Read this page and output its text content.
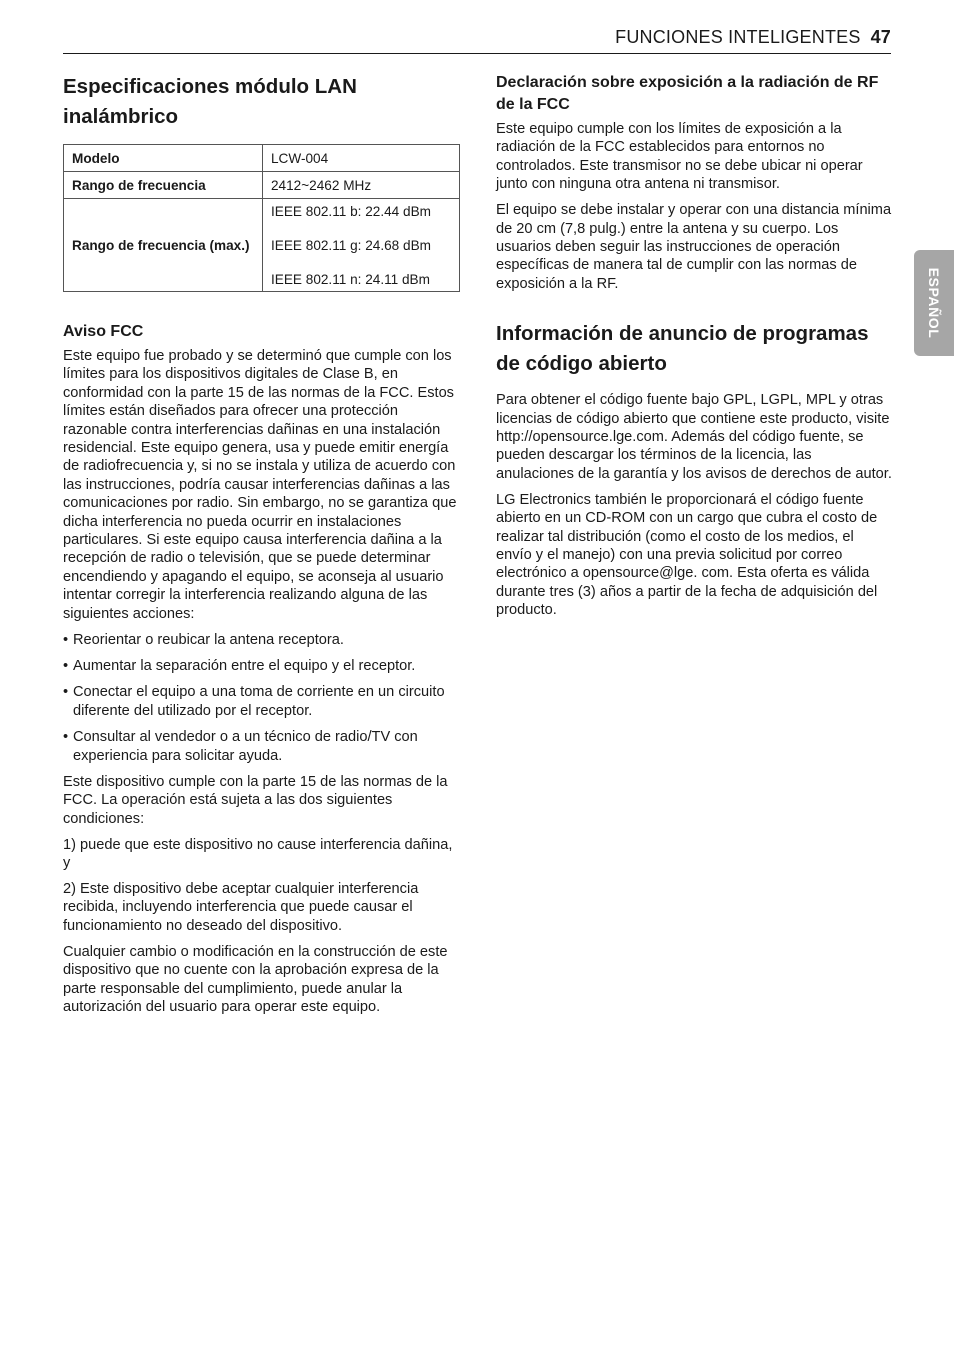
FUNCIONES INTELIGENTES 47
ESPAÑOL
Especificaciones módulo LAN inalámbrico
Modelo	LCW-004
Rango de frecuencia	2412~2462 MHz
Rango de frecuencia (max.)	IEEE 802.11 b: 22.44 dBm
IEEE 802.11 g: 24.68 dBm
IEEE 802.11 n: 24.11 dBm
Aviso FCC

Este equipo fue probado y se determinó que cumple con los límites para los dispositivos digitales de Clase B, en conformidad con la parte 15 de las normas de la FCC. Estos límites están diseñados para ofrecer una protección razonable contra interferencias dañinas en una instalación residencial. Este equipo genera, usa y puede emitir energía de radiofrecuencia y, si no se instala y utiliza de acuerdo con las instrucciones, podría causar interferencias dañinas a las comunicaciones por radio. Sin embargo, no se garantiza que dicha interferencia no pueda ocurrir en instalaciones particulares. Si este equipo causa interferencia dañina a la recepción de radio o televisión, que se puede determinar encendiendo y apagando el equipo, se aconseja al usuario intentar corregir la interferencia realizando alguna de las siguientes acciones:

• Reorientar o reubicar la antena receptora.
• Aumentar la separación entre el equipo y el receptor.
• Conectar el equipo a una toma de corriente en un circuito diferente del utilizado por el receptor.
• Consultar al vendedor o a un técnico de radio/TV con experiencia para solicitar ayuda.

Este dispositivo cumple con la parte 15 de las normas de la FCC. La operación está sujeta a las dos siguientes condiciones:

1) puede que este dispositivo no cause interferencia dañina, y

2) Este dispositivo debe aceptar cualquier interferencia recibida, incluyendo interferencia que puede causar el funcionamiento no deseado del dispositivo.

Cualquier cambio o modificación en la construcción de este dispositivo que no cuente con la aprobación expresa de la parte responsable del cumplimiento, puede anular la autorización del usuario para operar este equipo.

Declaración sobre exposición a la radiación de RF de la FCC

Este equipo cumple con los límites de exposición a la radiación de la FCC establecidos para entornos no controlados. Este transmisor no se debe ubicar ni operar junto con ninguna otra antena ni transmisor.

El equipo se debe instalar y operar con una distancia mínima de 20 cm (7,8 pulg.) entre la antena y su cuerpo. Los usuarios deben seguir las instrucciones de operación específicas de manera tal de cumplir con las normas de exposición a la RF.

Información de anuncio de programas de código abierto

Para obtener el código fuente bajo GPL, LGPL, MPL y otras licencias de código abierto que contiene este producto, visite http://opensource.lge.com. Además del código fuente, se pueden descargar los términos de la licencia, las anulaciones de la garantía y los avisos de derechos de autor.

LG Electronics también le proporcionará el código fuente abierto en un CD-ROM con un cargo que cubra el costo de realizar tal distribución (como el costo de los medios, el envío y el manejo) con una previa solicitud por correo electrónico a opensource@lge. com. Esta oferta es válida durante tres (3) años a partir de la fecha de adquisición del producto.
